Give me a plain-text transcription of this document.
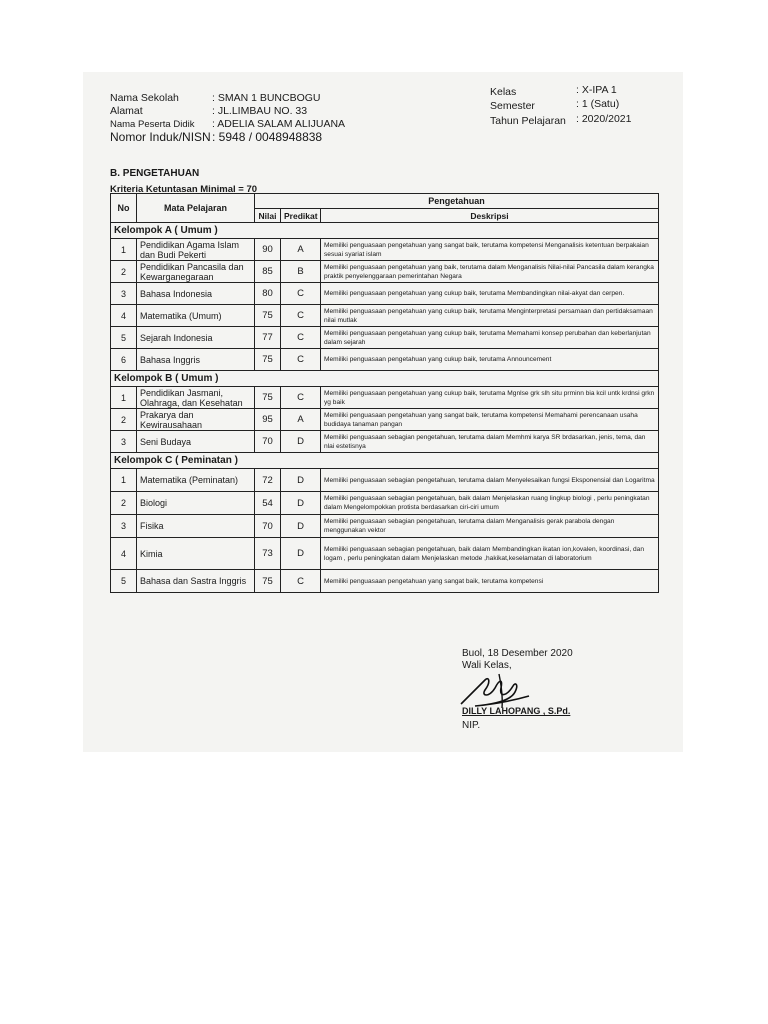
Nama Sekolah	: SMAN 1 BUNCBOGU
Alamat	: JL.LIMBAU NO. 33
Nama Peserta Didik : ADELIA SALAM ALIJUANA
Nomor Induk/NISN : 5948 / 0048948838
Kelas	: X-IPA 1
Semester	: 1 (Satu)
Tahun Pelajaran : 2020/2021
B. PENGETAHUAN
Kriteria Ketuntasan Minimal = 70
No	Mata Pelajaran	Pengetahuan		
		Nilai	Predikat	Deskripsi
Kelompok A ( Umum )				
1	Pendidikan Agama Islam dan Budi Pekerti	90	A	Memiliki penguasaan pengetahuan yang sangat baik, terutama kompetensi Menganalisis ketentuan berpakaian sesuai syariat islam
2	Pendidikan Pancasila dan Kewarganegaraan	85	B	Memiliki penguasaan pengetahuan yang baik, terutama dalam Menganalisis Nilai-nilai Pancasila dalam kerangka praktik penyelenggaraan pemerintahan Negara
3	Bahasa Indonesia	80	C	Memiliki penguasaan pengetahuan yang cukup baik, terutama Membandingkan nilai-akyat dan cerpen.
4	Matematika (Umum)	75	C	Memiliki penguasaan pengetahuan yang cukup baik, terutama Menginterpretasi persamaan dan pertidaksamaan nilai mutlak
5	Sejarah Indonesia	77	C	Memiliki penguasaan pengetahuan yang cukup baik, terutama Memahami konsep perubahan dan keberlanjutan dalam sejarah
6	Bahasa Inggris	75	C	Memiliki penguasaan pengetahuan yang cukup baik, terutama Announcement
Kelompok B ( Umum )				
1	Pendidikan Jasmani, Olahraga, dan Kesehatan	75	C	Memiliki penguasaan pengetahuan yang cukup baik, terutama Mgnlse grk slh situ prminn bia kcil untk krdnsi grkn yg baik
2	Prakarya dan Kewirausahaan	95	A	Memiliki penguasaan pengetahuan yang sangat baik, terutama kompetensi Memahami perencanaan usaha budidaya tanaman pangan
3	Seni Budaya	70	D	Memiliki penguasaan sebagian pengetahuan, terutama dalam Memhmi karya SR brdasarkan, jenis, tema, dan nlai estetisnya
Kelompok C ( Peminatan )				
1	Matematika (Peminatan)	72	D	Memiliki penguasaan sebagian pengetahuan, terutama dalam Menyelesaikan fungsi Eksponensial dan Logaritma
2	Biologi	54	D	Memiliki penguasaan sebagian pengetahuan, baik dalam Menjelaskan ruang lingkup biologi , perlu peningkatan dalam Mengelompokkan protista berdasarkan ciri-ciri umum
3	Fisika	70	D	Memiliki penguasaan sebagian pengetahuan, terutama dalam Menganalisis gerak parabola dengan menggunakan vektor
4	Kimia	73	D	Memiliki penguasaan sebagian pengetahuan, baik dalam Membandingkan ikatan ion,kovalen, koordinasi, dan logam , perlu peningkatan dalam Menjelaskan metode ,hakikat,keselamatan di laboratorium
5	Bahasa dan Sastra Inggris	75	C	Memiliki penguasaan pengetahuan yang sangat baik, terutama kompetensi
Buol, 18 Desember 2020
Wali Kelas,
DILLY LAHOPANG , S.Pd.
NIP.
